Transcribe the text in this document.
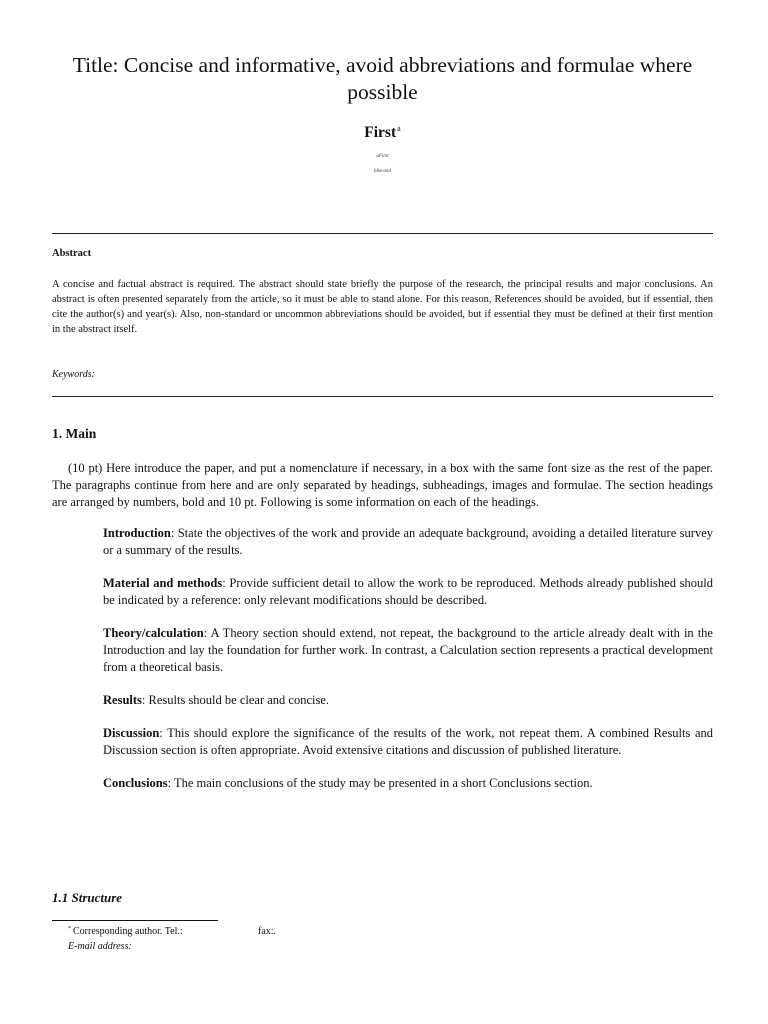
Title: Concise and informative, avoid abbreviations and formulae where possible

First$^a$

aFirst

bSecond

Abstract

A concise and factual abstract is required. The abstract should state briefly the purpose of the research, the principal results and major conclusions. An abstract is often presented separately from the article, so it must be able to stand alone. For this reason, References should be avoided, but if essential, then cite the author(s) and year(s). Also, non-standard or uncommon abbreviations should be avoided, but if essential they must be defined at their first mention in the abstract itself.

Keywords:

1. Main

(10 pt) Here introduce the paper, and put a nomenclature if necessary, in a box with the same font size as the rest of the paper. The paragraphs continue from here and are only separated by headings, subheadings, images and formulae. The section headings are arranged by numbers, bold and 10 pt. Following is some information on each of the headings.

Introduction: State the objectives of the work and provide an adequate background, avoiding a detailed literature survey or a summary of the results.
Material and methods: Provide sufficient detail to allow the work to be reproduced. Methods already published should be indicated by a reference: only relevant modifications should be described.
Theory/calculation: A Theory section should extend, not repeat, the background to the article already dealt with in the Introduction and lay the foundation for further work. In contrast, a Calculation section represents a practical development from a theoretical basis.
Results: Results should be clear and concise.
Discussion: This should explore the significance of the results of the work, not repeat them. A combined Results and Discussion section is often appropriate. Avoid extensive citations and discussion of published literature.
Conclusions: The main conclusions of the study may be presented in a short Conclusions section.
1.1 Structure

* Corresponding author. Tel.:	fax:.

E-mail address:
